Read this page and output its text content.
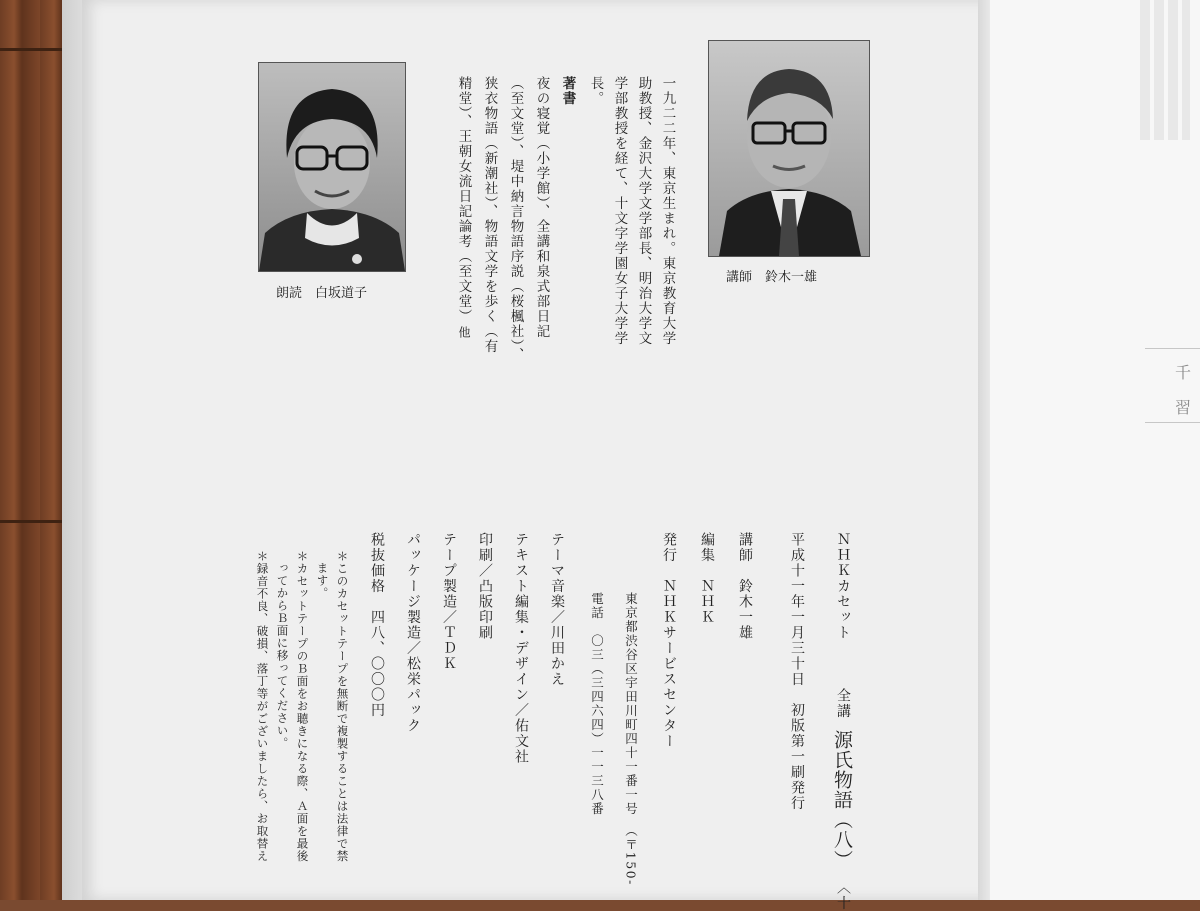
千
習
講師　鈴木一雄
朗読　白坂道子	一九二二年、東京生まれ。東京教育大学
助教授、金沢大学文学部長、明治大学文
学部教授を経て、十文字学園女子大学学
長。
著書
夜の寝覚（小学館）、全講和泉式部日記
（至文堂）、堤中納言物語序説（桜楓社）、
狭衣物語（新潮社）、物語文学を歩く（有
精堂）、王朝女流日記論考（至文堂）
他
ＮＨＫカセット
全講
源氏物語（八）
〈十
平成十一年一月三十日　初版第一刷発行
講師　鈴木一雄
編集　ＮＨＫ
発行　ＮＨＫサービスセンター
東京都渋谷区宇田川町四十一番一号　（〒150-
電話　〇三（三四六四）一一三八番
テーマ音楽／川田かえ
テキスト編集・デザイン／佑文社
印刷／凸版印刷
テープ製造／ＴＤＫ
パッケージ製造／松栄パック
税抜価格　四八、〇〇〇円
＊このカセットテープを無断で複製することは法律で禁
ます。
＊カセットテープのＢ面をお聴きになる際、Ａ面を最後
ってからＢ面に移ってください。
＊録音不良、破損、落丁等がございましたら、お取替え
